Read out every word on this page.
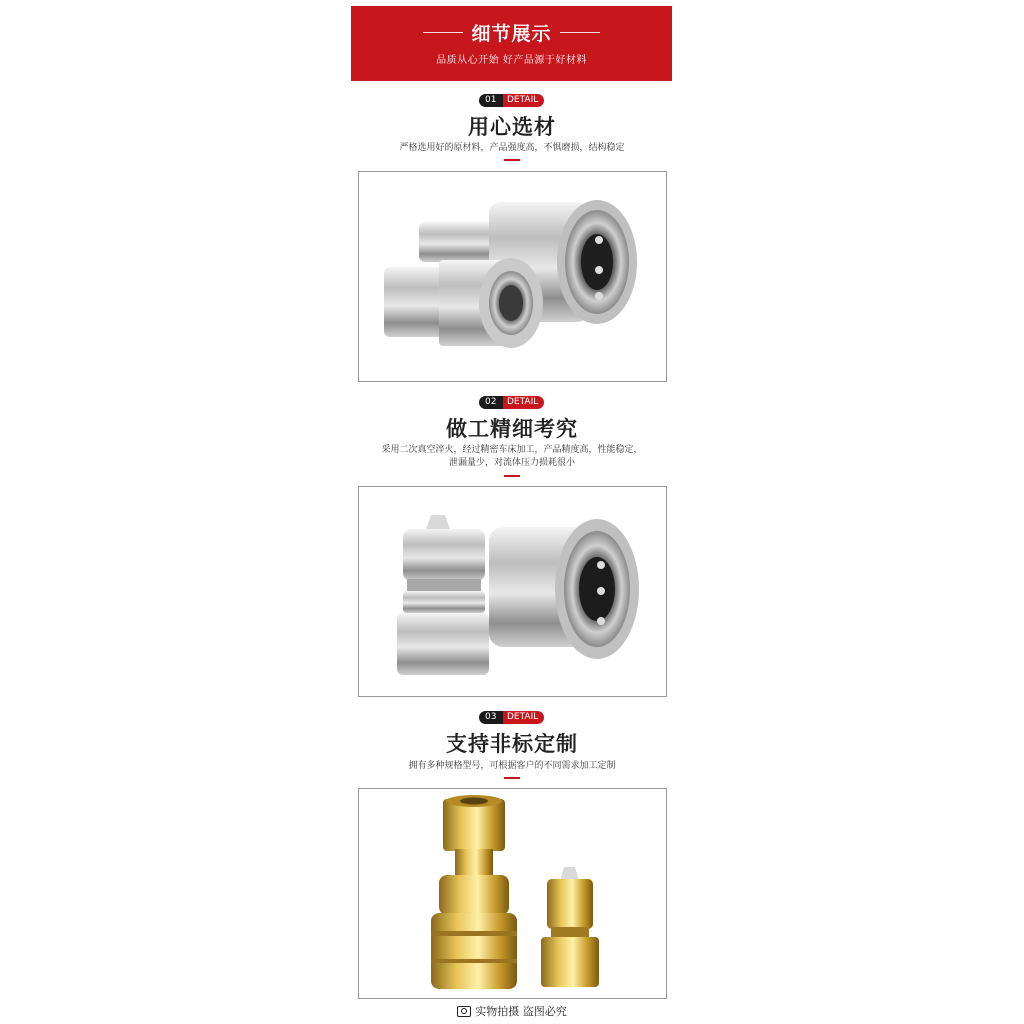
细节展示
品质从心开始 好产品源于好材料
01	DETAIL
用心选材
严格选用好的原材料，产品强度高，不惧磨损，结构稳定
02	DETAIL
做工精细考究
采用二次真空淬火，经过精密车床加工，产品精度高，性能稳定，
泄漏量少，对流体压力损耗很小
03	DETAIL
支持非标定制
拥有多种规格型号，可根据客户的不同需求加工定制
实物拍摄 盗图必究
